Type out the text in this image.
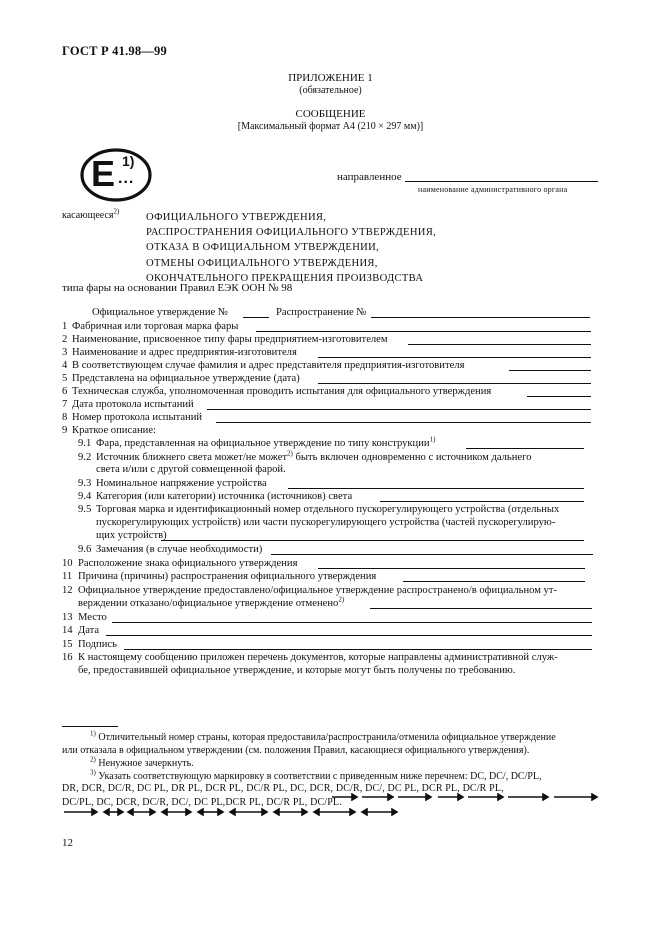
ГОСТ Р 41.98—99
ПРИЛОЖЕНИЕ 1
(обязательное)
СООБЩЕНИЕ
[Максимальный формат А4 (210 × 297 мм)]
E 1)
...	направленное
наименование административного органа
касающееся$^{2)}$
ОФИЦИАЛЬНОГО УТВЕРЖДЕНИЯ,
РАСПРОСТРАНЕНИЯ ОФИЦИАЛЬНОГО УТВЕРЖДЕНИЯ,
ОТКАЗА В ОФИЦИАЛЬНОМ УТВЕРЖДЕНИИ,
ОТМЕНЫ ОФИЦИАЛЬНОГО УТВЕРЖДЕНИЯ,
ОКОНЧАТЕЛЬНОГО ПРЕКРАЩЕНИЯ ПРОИЗВОДСТВА
типа фары на основании Правил ЕЭК ООН № 98
Официальное утверждение №	Распространение №
1 Фабричная или торговая марка фары
2 Наименование, присвоенное типу фары предприятием-изготовителем
3 Наименование и адрес предприятия-изготовителя
4 В соответствующем случае фамилия и адрес представителя предприятия-изготовителя
5 Представлена на официальное утверждение (дата)
6 Техническая служба, уполномоченная проводить испытания для официального утверждения
7 Дата протокола испытаний
8 Номер протокола испытаний
9 Краткое описание:
9.1 Фара, представленная на официальное утверждение по типу конструкции$^{1)}$
9.2 Источник ближнего света может/не может$^{2)}$ быть включен одновременно с источником дальнего
света и/или с другой совмещенной фарой.
9.3 Номинальное напряжение устройства
9.4 Категория (или категории) источника (источников) света
9.5 Торговая марка и идентификационный номер отдельного пускорегулирующего устройства (отдельных
пускорегулирующих устройств) или части пускорегулирующего устройства (частей пускорегулирую-
щих устройств)
9.6 Замечания (в случае необходимости)
10 Расположение знака официального утверждения
11 Причина (причины) распространения официального утверждения
12 Официальное утверждение предоставлено/официальное утверждение распространено/в официальном ут-
верждении отказано/официальное утверждение отменено$^{2)}$
13 Место
14 Дата
15 Подпись
16 К настоящему сообщению приложен перечень документов, которые направлены административной служ-
бе, предоставившей официальное утверждение, и которые могут быть получены по требованию.
$^{1)}$ Отличительный номер страны, которая предоставила/распространила/отменила официальное утверждение
или отказала в официальном утверждении (см. положения Правил, касающиеся официального утверждения).
$^{2)}$ Ненужное зачеркнуть.
$^{3)}$ Указать соответствующую маркировку в соответствии с приведенным ниже перечнем: DC, DC/, DC/PL,
DR, DCR, DC/R, DC PL, DR PL, DCR PL, DC/R PL, DC, DCR, DC/R, DC/, DC PL, DCR PL, DC/R PL,
DC/PL, DC, DCR, DC/R, DC/, DC PL,DCR PL, DC/R PL, DC/PL.
12
